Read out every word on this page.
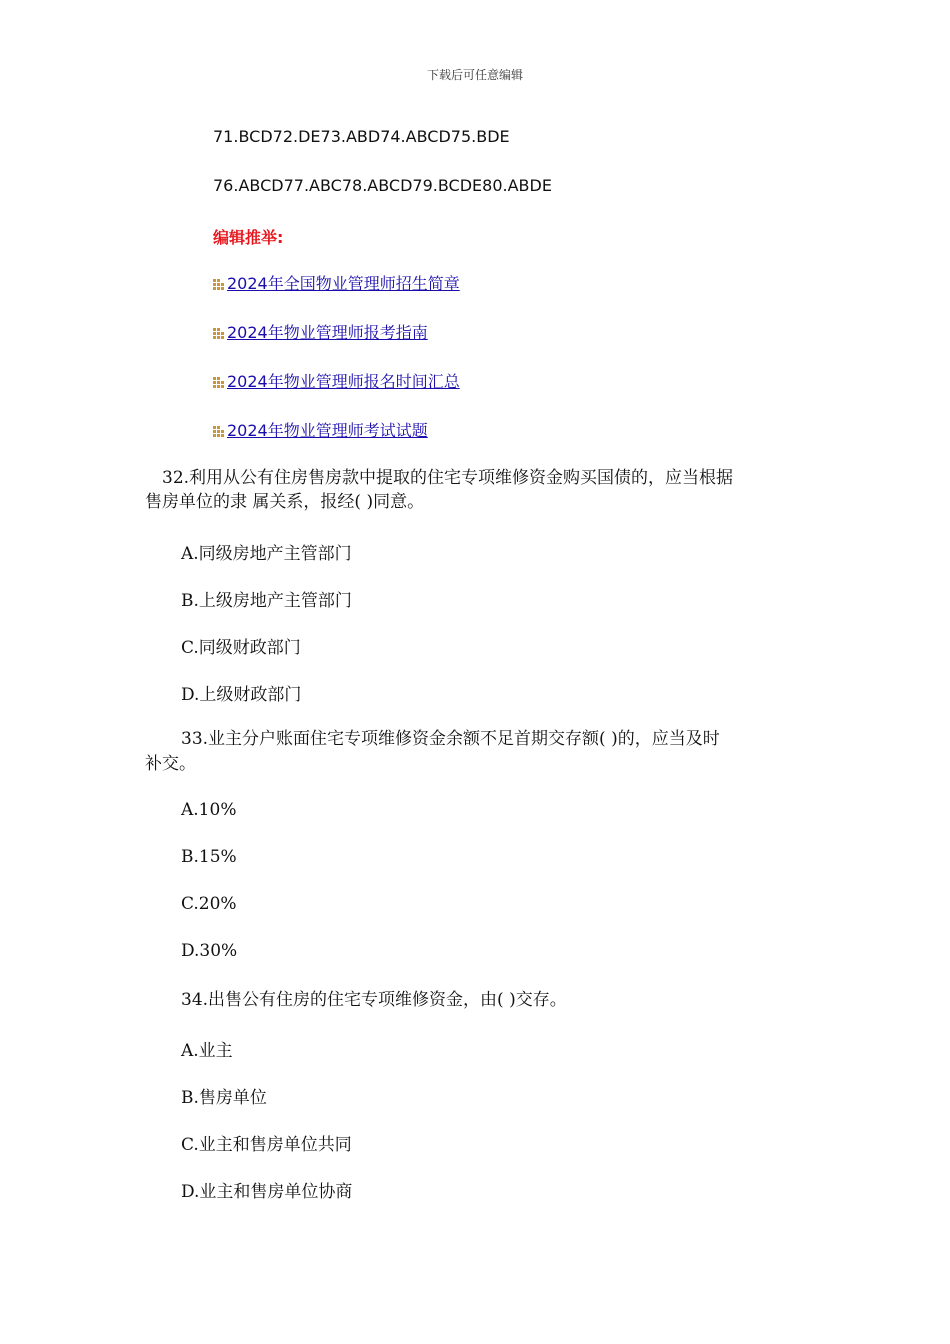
下载后可任意编辑
71.BCD72.DE73.ABD74.ABCD75.BDE
76.ABCD77.ABC78.ABCD79.BCDE80.ABDE
编辑推举:
2024年全国物业管理师招生简章
2024年物业管理师报考指南
2024年物业管理师报名时间汇总
2024年物业管理师考试试题
32.利用从公有住房售房款中提取的住宅专项维修资金购买国债的，应当根据
售房单位的隶 属关系，报经( )同意。
A.同级房地产主管部门
B.上级房地产主管部门
C.同级财政部门
D.上级财政部门
33.业主分户账面住宅专项维修资金余额不足首期交存额( )的，应当及时
补交。
A.10%
B.15%
C.20%
D.30%
34.出售公有住房的住宅专项维修资金，由( )交存。
A.业主
B.售房单位
C.业主和售房单位共同
D.业主和售房单位协商
